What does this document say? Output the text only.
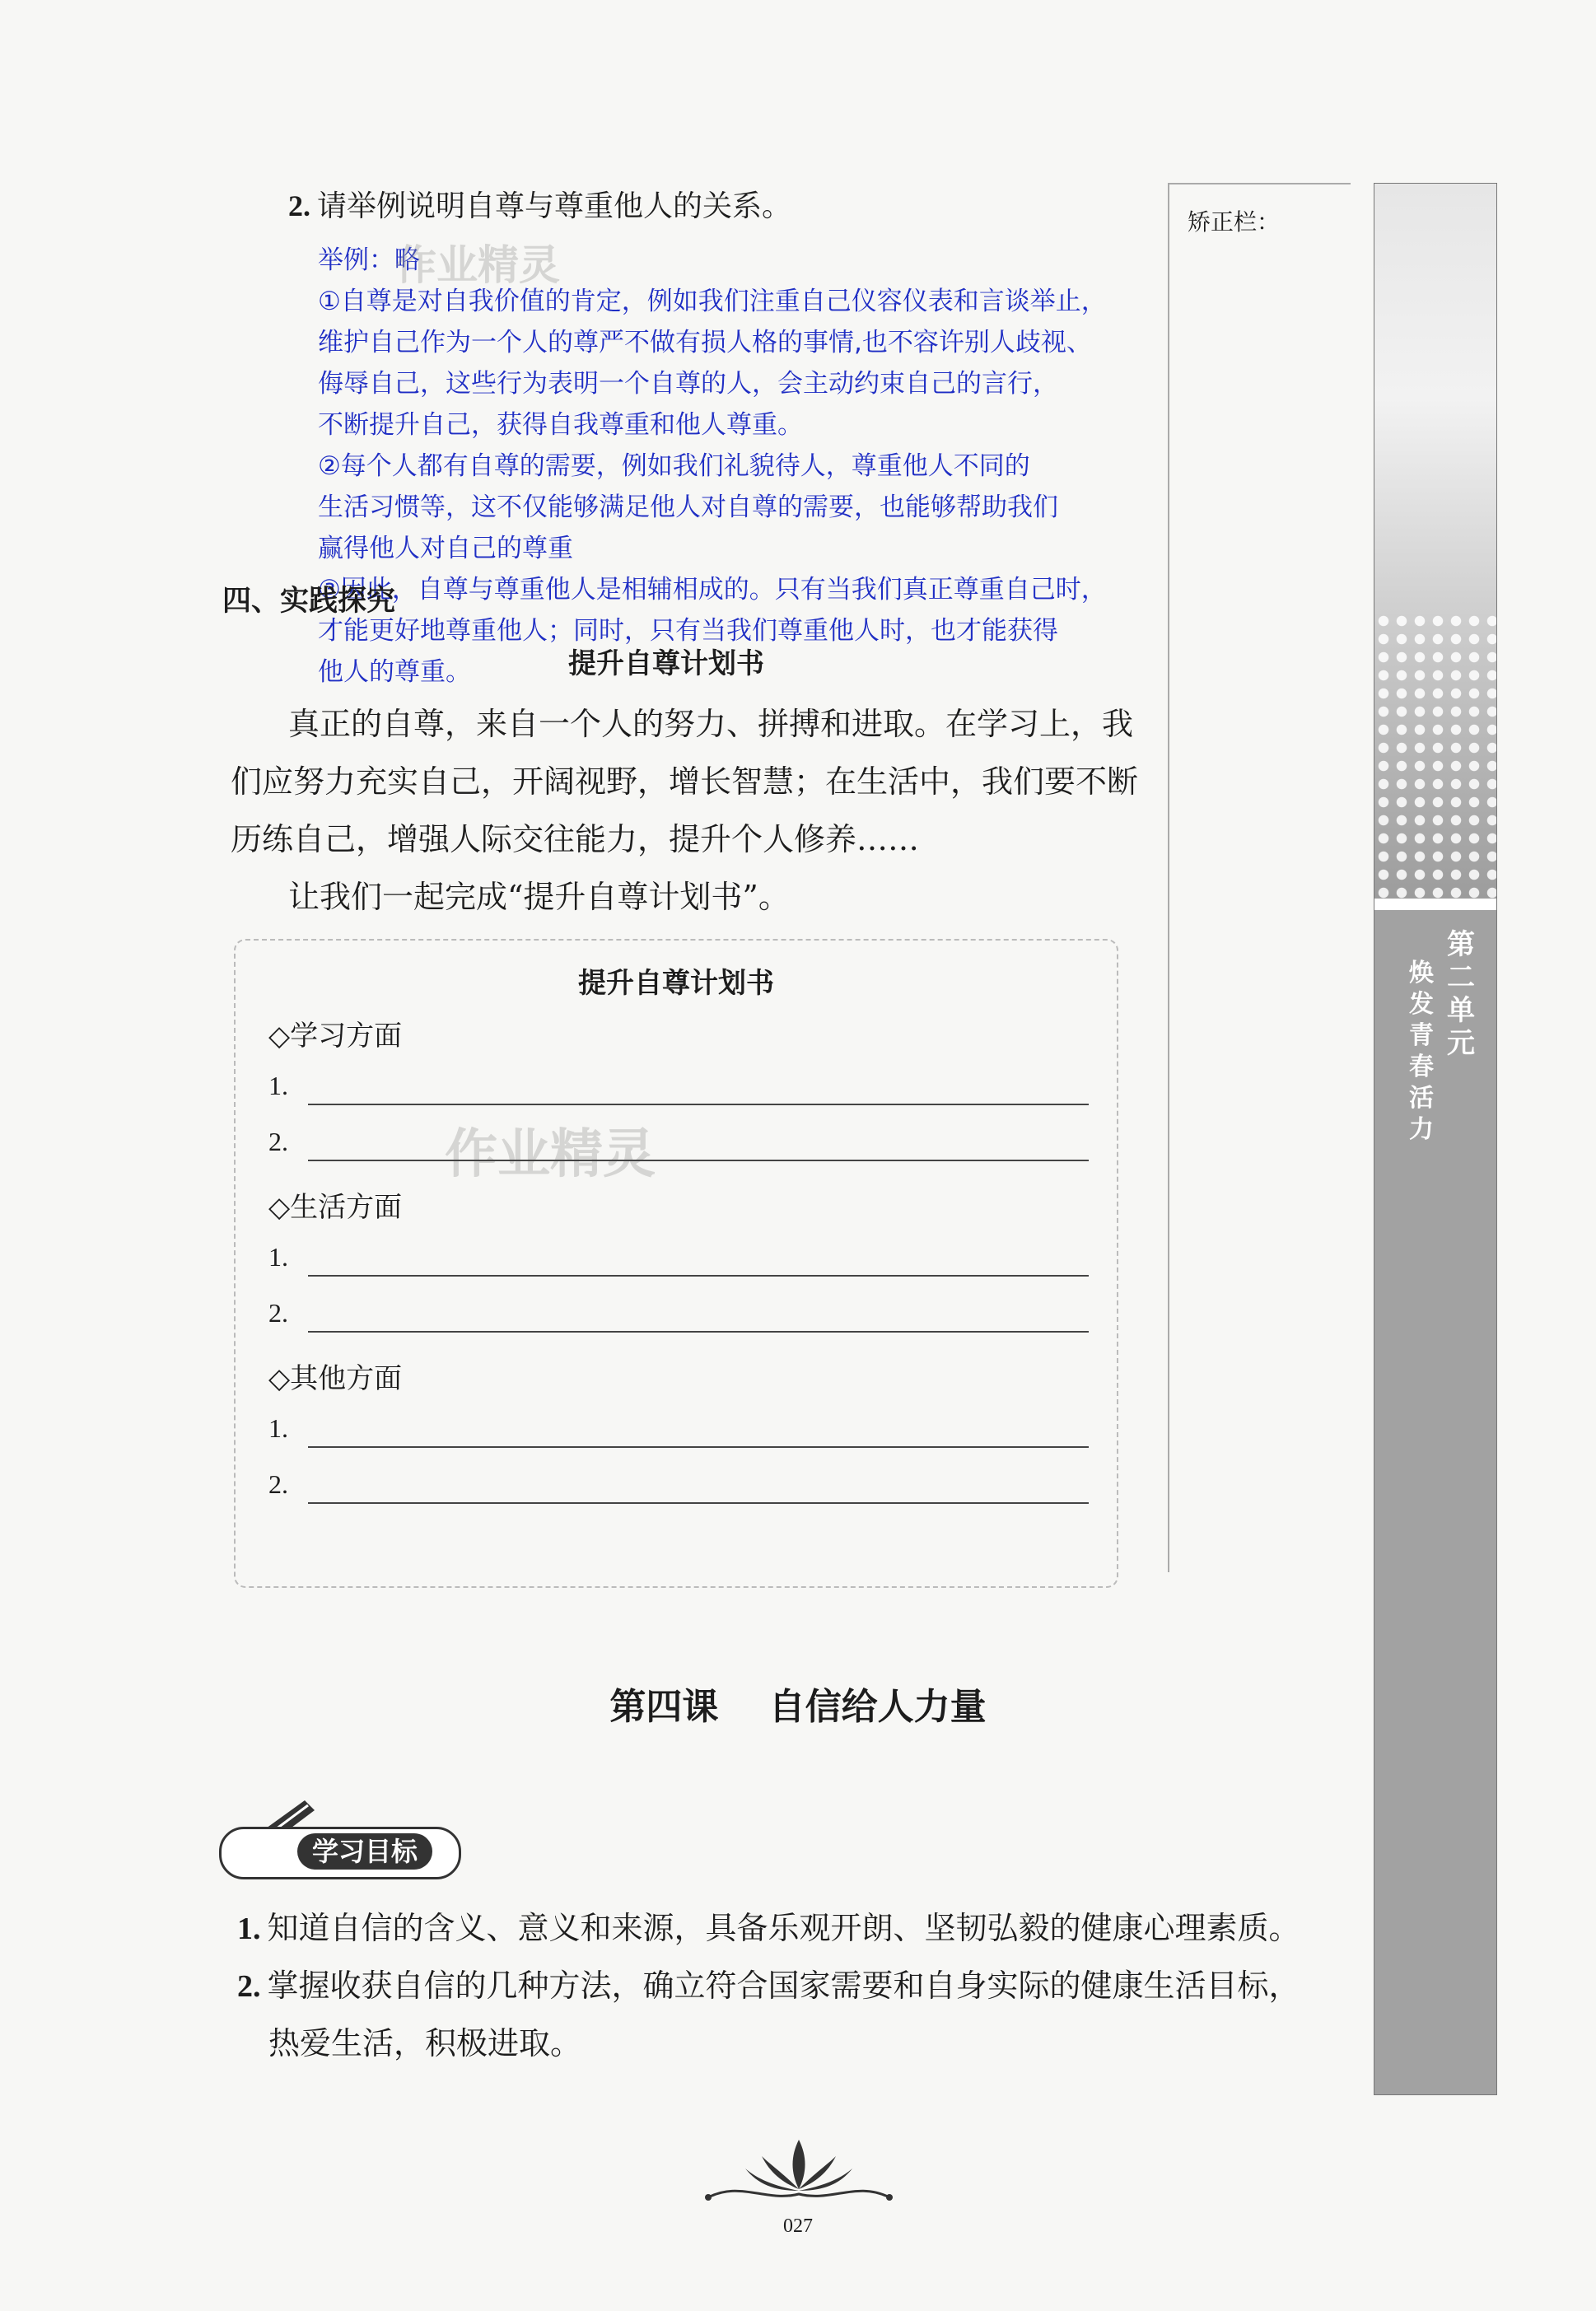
2. 请举例说明自尊与尊重他人的关系。
举例：略
①自尊是对自我价值的肯定，例如我们注重自己仪容仪表和言谈举止，
维护自己作为一个人的尊严不做有损人格的事情,也不容许别人歧视、
侮辱自己，这些行为表明一个自尊的人，会主动约束自己的言行，
不断提升自己，获得自我尊重和他人尊重。
②每个人都有自尊的需要，例如我们礼貌待人，尊重他人不同的
生活习惯等，这不仅能够满足他人对自尊的需要，也能够帮助我们
赢得他人对自己的尊重
③因此，自尊与尊重他人是相辅相成的。只有当我们真正尊重自己时，
才能更好地尊重他人；同时，只有当我们尊重他人时，也才能获得
他人的尊重。
作业精灵
作业精灵
矫正栏：
第二单元
焕发青春活力
四、实践探究
提升自尊计划书
真正的自尊，来自一个人的努力、拼搏和进取。在学习上，我
们应努力充实自己，开阔视野，增长智慧；在生活中，我们要不断
历练自己，增强人际交往能力，提升个人修养……
让我们一起完成“提升自尊计划书”。
提升自尊计划书
◇学习方面
1.
2.
◇生活方面
1.
2.
◇其他方面
1.
2.
第四课    自信给人力量
学习目标
1. 知道自信的含义、意义和来源，具备乐观开朗、坚韧弘毅的健康心理素质。
2. 掌握收获自信的几种方法，确立符合国家需要和自身实际的健康生活目标，
热爱生活，积极进取。
027
